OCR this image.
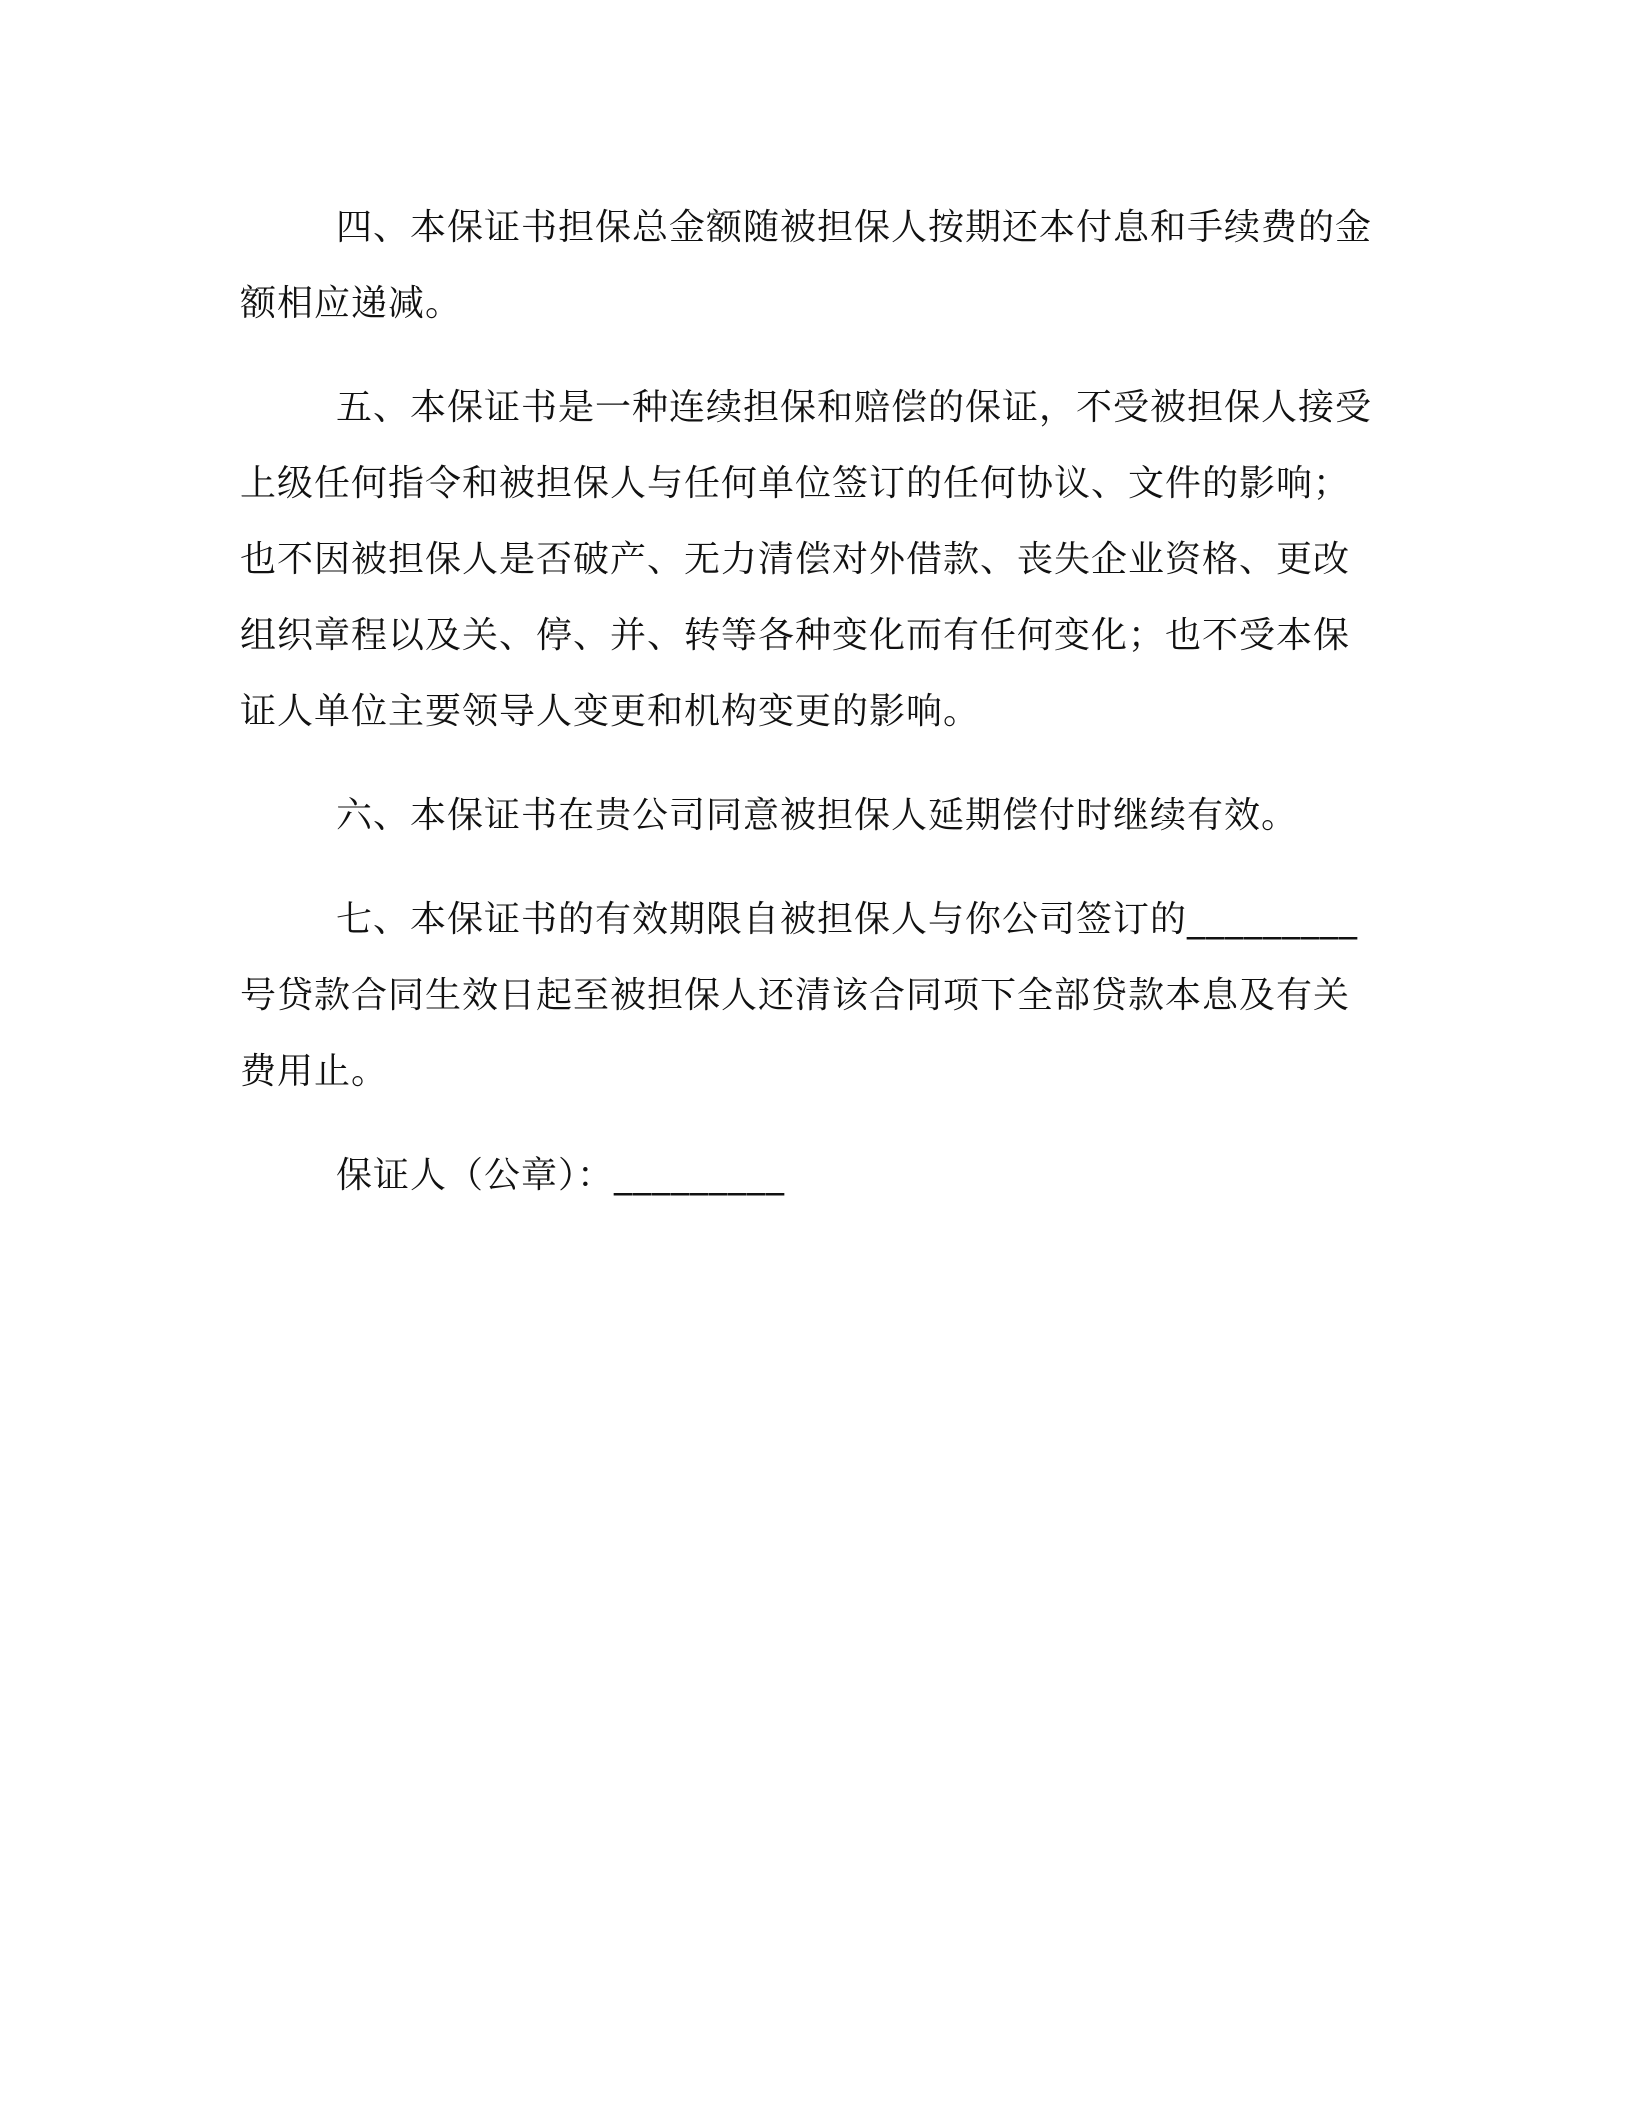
四、本保证书担保总金额随被担保人按期还本付息和手续费的金额相应递减。

五、本保证书是一种连续担保和赔偿的保证，不受被担保人接受上级任何指令和被担保人与任何单位签订的任何协议、文件的影响；也不因被担保人是否破产、无力清偿对外借款、丧失企业资格、更改组织章程以及关、停、并、转等各种变化而有任何变化；也不受本保证人单位主要领导人变更和机构变更的影响。

六、本保证书在贵公司同意被担保人延期偿付时继续有效。

七、本保证书的有效期限自被担保人与你公司签订的_________号贷款合同生效日起至被担保人还清该合同项下全部贷款本息及有关费用止。

保证人（公章）：_________
